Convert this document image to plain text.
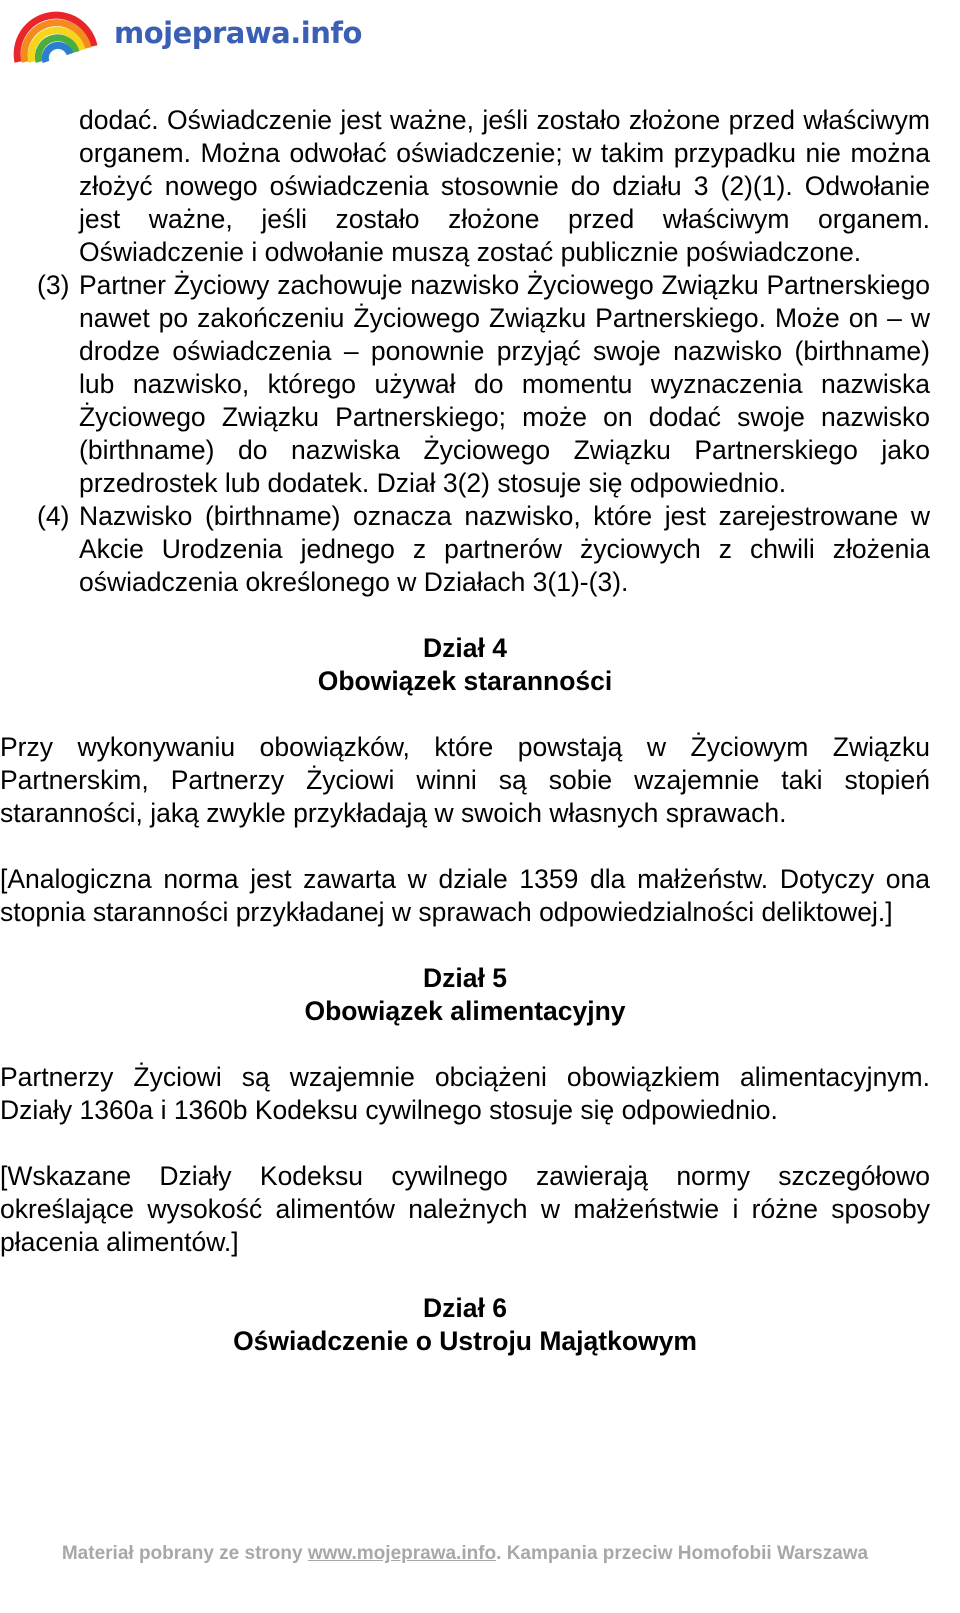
mojeprawa.info

dodać. Oświadczenie jest ważne, jeśli zostało złożone przed właściwym organem. Można odwołać oświadczenie; w takim przypadku nie można złożyć nowego oświadczenia stosownie do działu 3 (2)(1). Odwołanie jest ważne, jeśli zostało złożone przed właściwym organem. Oświadczenie i odwołanie muszą zostać publicznie poświadczone.

(3) Partner Życiowy zachowuje nazwisko Życiowego Związku Partnerskiego nawet po zakończeniu Życiowego Związku Partnerskiego. Może on – w drodze oświadczenia – ponownie przyjąć swoje nazwisko (birthname) lub nazwisko, którego używał do momentu wyznaczenia nazwiska Życiowego Związku Partnerskiego; może on dodać swoje nazwisko (birthname) do nazwiska Życiowego Związku Partnerskiego jako przedrostek lub dodatek. Dział 3(2) stosuje się odpowiednio.

(4) Nazwisko (birthname) oznacza nazwisko, które jest zarejestrowane w Akcie Urodzenia jednego z partnerów życiowych z chwili złożenia oświadczenia określonego w Działach 3(1)-(3).

Dział 4

Obowiązek staranności

Przy wykonywaniu obowiązków, które powstają w Życiowym Związku Partnerskim, Partnerzy Życiowi winni są sobie wzajemnie taki stopień staranności, jaką zwykle przykładają w swoich własnych sprawach.

[Analogiczna norma jest zawarta w dziale 1359 dla małżeństw. Dotyczy ona stopnia staranności przykładanej w sprawach odpowiedzialności deliktowej.]

Dział 5

Obowiązek alimentacyjny

Partnerzy Życiowi są wzajemnie obciążeni obowiązkiem alimentacyjnym. Działy 1360a i 1360b Kodeksu cywilnego stosuje się odpowiednio.

[Wskazane Działy Kodeksu cywilnego zawierają normy szczegółowo określające wysokość alimentów należnych w małżeństwie i różne sposoby płacenia alimentów.]

Dział 6

Oświadczenie o Ustroju Majątkowym

Materiał pobrany ze strony www.mojeprawa.info. Kampania przeciw Homofobii Warszawa
